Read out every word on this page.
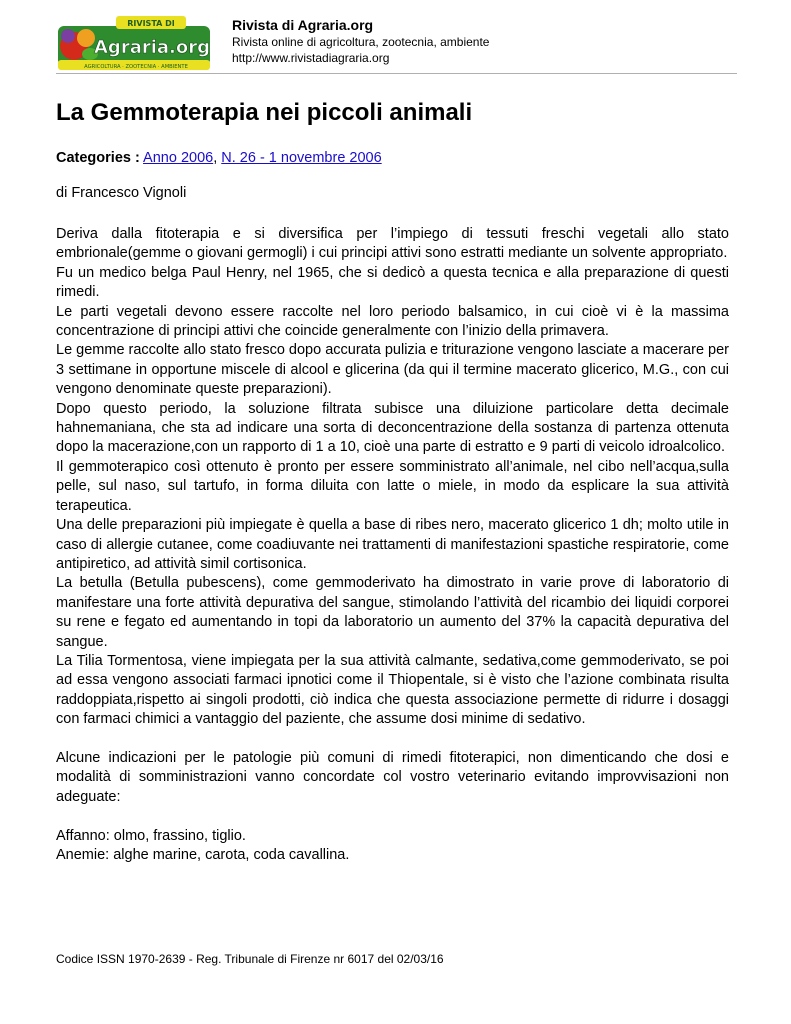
RIVISTA DI
Agraria.org
AGRICOLTURA · ZOOTECNIA · AMBIENTE
Rivista di Agraria.org
Rivista online di agricoltura, zootecnia, ambiente
http://www.rivistadiagraria.org
La Gemmoterapia nei piccoli animali
Categories : Anno 2006, N. 26 - 1 novembre 2006
di Francesco Vignoli

Deriva dalla fitoterapia e si diversifica per l’impiego di tessuti freschi vegetali allo stato embrionale(gemme o giovani germogli) i cui principi attivi sono estratti mediante un solvente appropriato.

Fu un medico belga Paul Henry, nel 1965, che si dedicò a questa tecnica e alla preparazione di questi rimedi.

Le parti vegetali devono essere raccolte nel loro periodo balsamico, in cui cioè vi è la massima concentrazione di principi attivi che coincide generalmente con l’inizio della primavera.

Le gemme raccolte allo stato fresco dopo accurata pulizia e triturazione vengono lasciate a macerare per 3 settimane in opportune miscele di alcool e glicerina (da qui il termine macerato glicerico, M.G., con cui vengono denominate queste preparazioni).

Dopo questo periodo, la soluzione filtrata subisce una diluizione particolare detta decimale hahnemaniana, che sta ad indicare una sorta di deconcentrazione della sostanza di partenza ottenuta dopo la macerazione,con un rapporto di 1 a 10, cioè una parte di estratto e 9 parti di veicolo idroalcolico.

Il gemmoterapico così ottenuto è pronto per essere somministrato all’animale, nel cibo nell’acqua,sulla pelle, sul naso, sul tartufo, in forma diluita con latte o miele, in modo da esplicare la sua attività terapeutica.

Una delle preparazioni più impiegate è quella a base di ribes nero, macerato glicerico 1 dh; molto utile in caso di allergie cutanee, come coadiuvante nei trattamenti di manifestazioni spastiche respiratorie, come antipiretico, ad attività simil cortisonica.

La betulla (Betulla pubescens), come gemmoderivato ha dimostrato in varie prove di laboratorio di manifestare una forte attività depurativa del sangue, stimolando l’attività del ricambio dei liquidi corporei su rene e fegato ed aumentando in topi da laboratorio un aumento del 37% la capacità depurativa del sangue.

La Tilia Tormentosa, viene impiegata per la sua attività calmante, sedativa,come gemmoderivato, se poi ad essa vengono associati farmaci ipnotici come il Thiopentale, si è visto che l’azione combinata risulta raddoppiata,rispetto ai singoli prodotti, ciò indica che questa associazione permette di ridurre i dosaggi con farmaci chimici a vantaggio del paziente, che assume dosi minime di sedativo.

Alcune indicazioni per le patologie più comuni di rimedi fitoterapici, non dimenticando che dosi e modalità di somministrazioni vanno concordate col vostro veterinario evitando improvvisazioni non adeguate:

Affanno: olmo, frassino, tiglio.

Anemie: alghe marine, carota, coda cavallina.

Codice ISSN 1970-2639 - Reg. Tribunale di Firenze nr 6017 del 02/03/16
